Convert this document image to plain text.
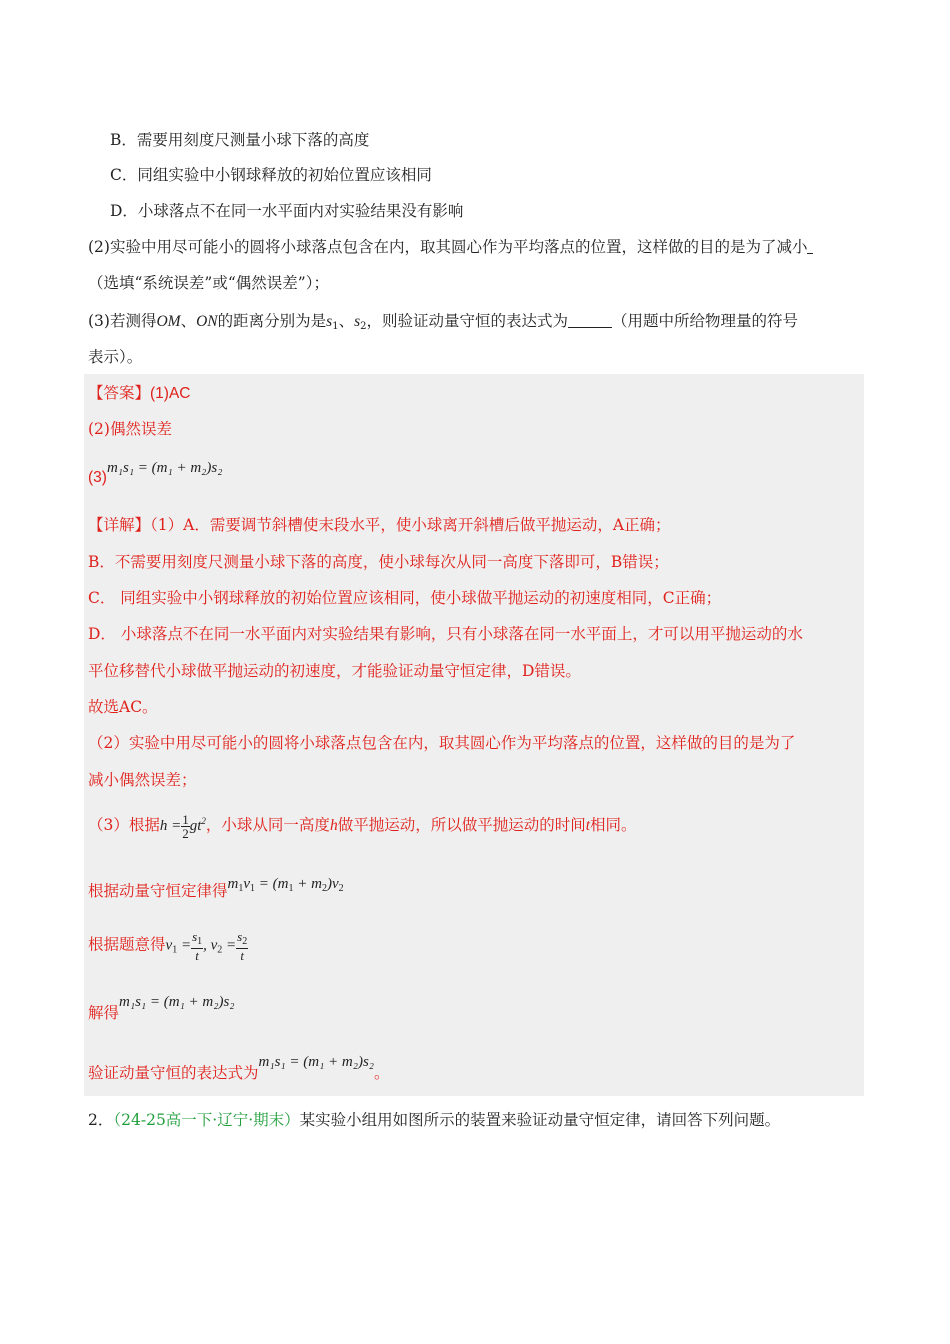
B．需要用刻度尺测量小球下落的高度
C．同组实验中小钢球释放的初始位置应该相同
D．小球落点不在同一水平面内对实验结果没有影响
(2)实验中用尽可能小的圆将小球落点包含在内，取其圆心作为平均落点的位置，这样做的目的是为了减小
（选填“系统误差”或“偶然误差”）；
(3)若测得OM、ON的距离分别为是$s_1$、$s_2$，则验证动量守恒的表达式为	（用题中所给物理量的符号
表示）。
【答案】(1)AC
(2)偶然误差
(3)m₁s₁ = (m₁ + m₂)s₂
【详解】（1）A．需要调节斜槽使末段水平，使小球离开斜槽后做平抛运动，A正确；
B．不需要用刻度尺测量小球下落的高度，使小球每次从同一高度下落即可，B错误；
C． 同组实验中小钢球释放的初始位置应该相同，使小球做平抛运动的初速度相同，C正确；
D． 小球落点不在同一水平面内对实验结果有影响，只有小球落在同一水平面上，才可以用平抛运动的水
平位移替代小球做平抛运动的初速度，才能验证动量守恒定律，D错误。
故选AC。
（2）实验中用尽可能小的圆将小球落点包含在内，取其圆心作为平均落点的位置，这样做的目的是为了
减小偶然误差；
（3）根据$h = \frac{1}{2} gt^2$，小球从同一高度h做平抛运动，所以做平抛运动的时间t相同。
根据动量守恒定律得$m_1v_1 = (m_1 + m_2)v_2$
根据题意得$v_1 = \frac{s_1}{t}$ , $v_2 = \frac{s_2}{t}$
解得m₁s₁ = (m₁ + m₂)s₂
验证动量守恒的表达式为m₁s₁ = (m₁ + m₂)s₂。
2．（24-25高一下·辽宁·期末）某实验小组用如图所示的装置来验证动量守恒定律，请回答下列问题。
